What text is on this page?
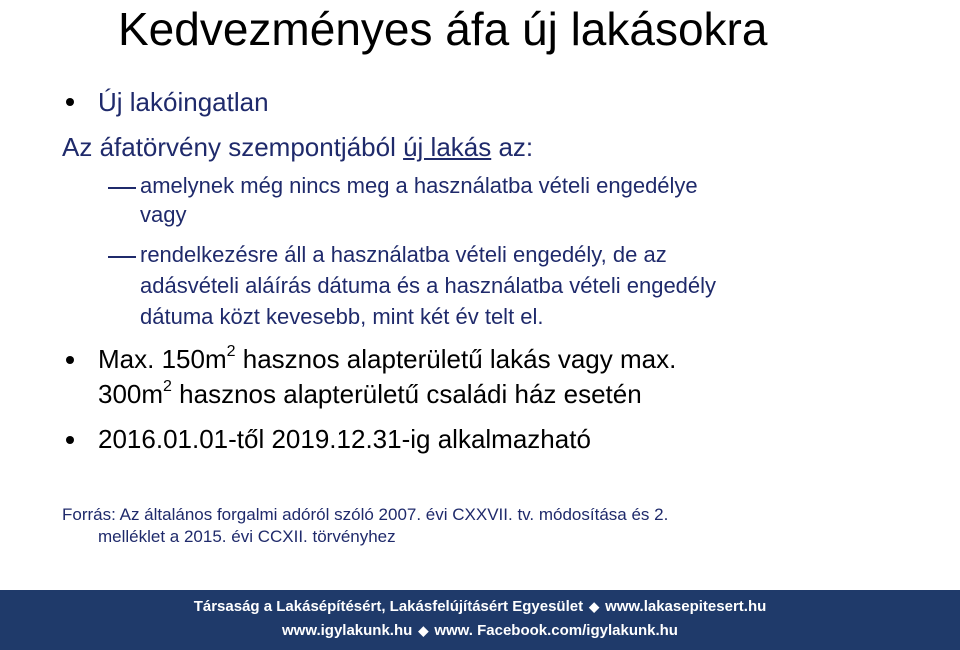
Kedvezményes áfa új lakásokra
Új lakóingatlan
Az áfatörvény szempontjából új lakás az:
amelynek még nincs meg a használatba vételi engedélye
vagy
rendelkezésre áll a használatba vételi engedély, de az
adásvételi aláírás dátuma és a használatba vételi engedély
dátuma közt kevesebb, mint két év telt el.
Max. $150m^2$ hasznos alapterületű lakás vagy max.
$300m^2$ hasznos alapterületű családi ház esetén
2016.01.01-től 2019.12.31-ig alkalmazható
Forrás: Az általános forgalmi adóról szóló 2007. évi CXXVII. tv. módosítása és 2.
melléklet a 2015. évi CCXII. törvényhez
Társaság a Lakásépítésért, Lakásfelújításért Egyesület ◆ www.lakasepitesert.hu
www.igylakunk.hu ◆ www. Facebook.com/igylakunk.hu
